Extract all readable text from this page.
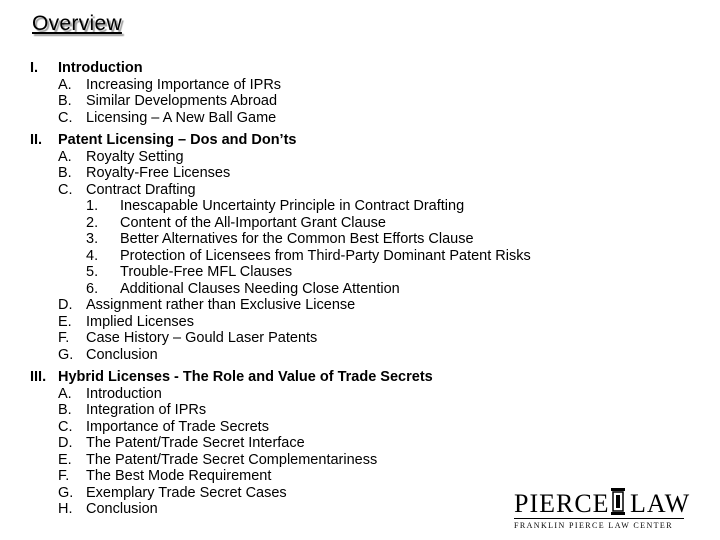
Overview
I.	Introduction
A. Increasing Importance of IPRs
B. Similar Developments Abroad
C. Licensing – A New Ball Game
II.	Patent Licensing – Dos and Don’ts
A. Royalty Setting
B. Royalty-Free Licenses
C. Contract Drafting
1.	Inescapable Uncertainty Principle in Contract Drafting
2.	Content of the All-Important Grant Clause
3.	Better Alternatives for the Common Best Efforts Clause
4.	Protection of Licensees from Third-Party Dominant Patent Risks
5.	Trouble-Free MFL Clauses
6.	Additional Clauses Needing Close Attention
D. Assignment rather than Exclusive License
E. Implied Licenses
F.	Case History – Gould Laser Patents
G. Conclusion
III. Hybrid Licenses - The Role and Value of Trade Secrets
A. Introduction
B. Integration of IPRs
C. Importance of Trade Secrets
D. The Patent/Trade Secret Interface
E. The Patent/Trade Secret Complementariness
F.	The Best Mode Requirement
G. Exemplary Trade Secret Cases
H. Conclusion	PIERCE LAW
FRANKLIN PIERCE LAW CENTER
